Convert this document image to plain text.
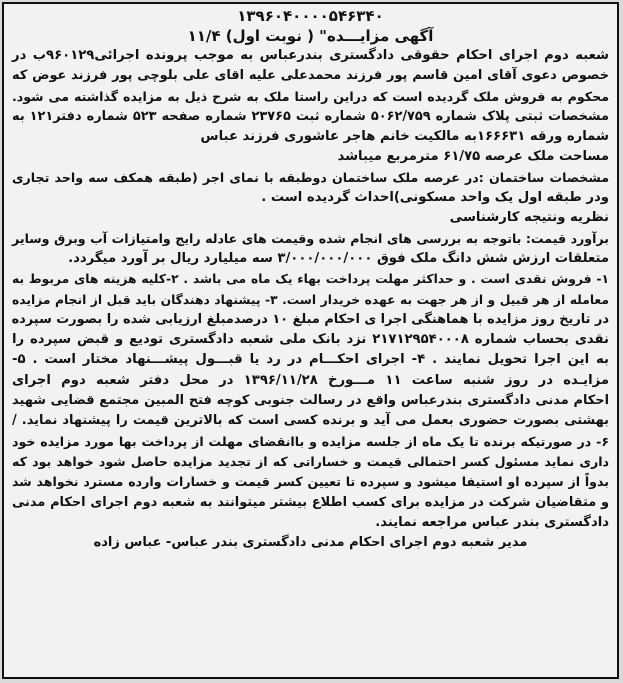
۱۳۹۶۰۴۰۰۰۰۵۴۶۳۴۰
آگهی مزایـــده" ( نوبت اول) ۱۱/۴

شعبه دوم اجرای احکام حقوقی دادگستری بندرعباس به موجب پرونده اجرائی۹۶۰۱۲۹ب در

خصوص دعوی آقای امین قاسم پور فرزند محمدعلی علیه اقای علی بلوچی پور فرزند عوض که

محکوم به فروش ملک گردیده است که دراین راستا ملک به شرح ذیل به مزایده گذاشته می شود.

مشخصات ثبتی پلاک شماره ۵۰۶۲/۷۵۹ شماره ثبت ۲۳۷۶۵ شماره صفحه ۵۲۳ شماره دفتر۱۲۱ به

شماره ورقه ۱۶۶۶۳۱به مالکیت خانم هاجر عاشوری فرزند عباس

مساحت ملک عرصه ۶۱/۷۵ مترمربع میباشد

مشخصات ساختمان :در عرصه ملک ساختمان دوطبقه با نمای اجر (طبقه همکف سه واحد تجاری

ودر طبقه اول یک واحد مسکونی)احداث گردیده است .

نظریه ونتیجه کارشناسی

برآورد قیمت: باتوجه به بررسی های انجام شده وقیمت های عادله رایج وامتیازات آب وبرق وسایر

متعلقات ارزش شش دانگ ملک فوق ۳/۰۰۰/۰۰۰/۰۰۰ سه میلیارد ریال بر آورد میگردد.

۱- فروش نقدی است . و حداکثر مهلت پرداخت بهاء یک ماه می باشد . ۲-کلیه هزینه های مربوط به

معامله از هر قبیل و از هر جهت به عهده خریدار است. ۳- پیشنهاد دهندگان باید قبل از انجام مزایده

در تاریخ روز مزایده با هماهنگی اجرا ی احکام مبلغ ۱۰ درصدمبلغ ارزیابی شده را بصورت سپرده

نقدی بحساب شماره ۲۱۷۱۲۹۵۴۰۰۰۸ نزد بانک ملی شعبه دادگستری تودیع و قبض سپرده را

به این اجرا تحویل نمایند . ۴- اجرای احکـــام در رد یا قبـــول پیشـــنهاد مختار است . ۵-

مزایـده در روز شنبه ساعت ۱۱ مـــورخ ۱۳۹۶/۱۱/۲۸ در محل دفتر شعبه دوم اجرای

احکام مدنی دادگستری بندرعباس واقع در رسالت جنوبی کوچه فتح المبین مجتمع قضایی شهید

بهشتی بصورت حضوری بعمل می آید و برنده کسی است که بالاترین قیمت را پیشنهاد نماید. /

۶- در صورتیکه برنده تا یک ماه از جلسه مزایده و باانقضای مهلت از پرداخت بها مورد مزایده خود

داری نماید مسئول کسر احتمالی قیمت و خساراتی که از تجدید مزایده حاصل شود خواهد بود که

بدواً از سپرده او استیفا میشود و سپرده تا تعیین کسر قیمت و خسارات وارده مسترد نخواهد شد

و متقاضیان شرکت در مزایده برای کسب اطلاع بیشتر میتوانند به شعبه دوم اجرای احکام مدنی

دادگستری بندر عباس مراجعه نمایند.

مدیر شعبه دوم اجرای احکام مدنی دادگستری بندر عباس- عباس زاده
